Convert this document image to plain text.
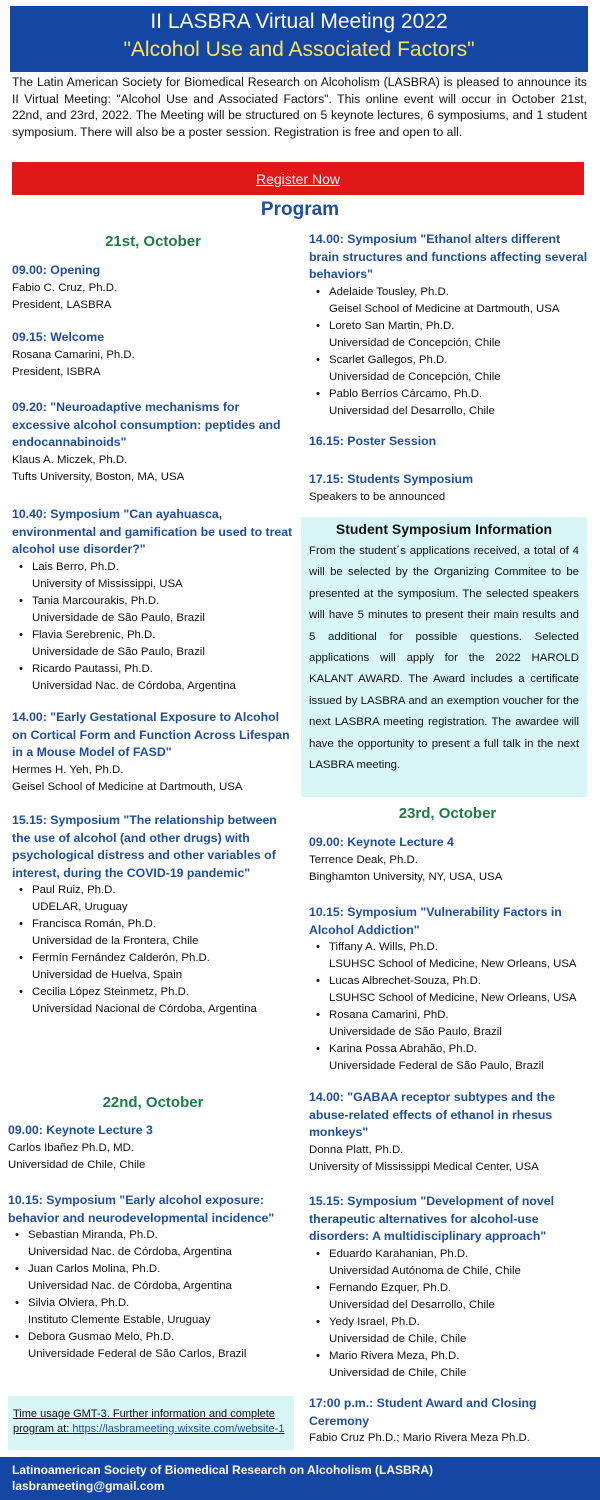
II LASBRA Virtual Meeting 2022
"Alcohol Use and Associated Factors"
The Latin American Society for Biomedical Research on Alcoholism (LASBRA) is pleased to announce its II Virtual Meeting: "Alcohol Use and Associated Factors". This online event will occur in October 21st, 22nd, and 23rd, 2022. The Meeting will be structured on 5 keynote lectures, 6 symposiums, and 1 student symposium. There will also be a poster session. Registration is free and open to all.
Register Now
Program
21st, October
09.00: Opening
Fabio C. Cruz, Ph.D.
President, LASBRA
09.15: Welcome
Rosana Camarini, Ph.D.
President, ISBRA
09.20: "Neuroadaptive mechanisms for excessive alcohol consumption: peptides and endocannabinoids"
Klaus A. Miczek, Ph.D.
Tufts University, Boston, MA, USA
10.40: Symposium "Can ayahuasca, environmental and gamification be used to treat alcohol use disorder?"
• Lais Berro, Ph.D.
University of Mississippi, USA
• Tania Marcourakis, Ph.D.
Universidade de São Paulo, Brazil
• Flavia Serebrenic, Ph.D.
Universidade de São Paulo, Brazil
• Ricardo Pautassi, Ph.D.
Universidad Nac. de Córdoba, Argentina
14.00: "Early Gestational Exposure to Alcohol on Cortical Form and Function Across Lifespan in a Mouse Model of FASD"
Hermes H. Yeh, Ph.D.
Geisel School of Medicine at Dartmouth, USA
15.15: Symposium "The relationship between the use of alcohol (and other drugs) with psychological distress and other variables of interest, during the COVID-19 pandemic"
• Paul Ruiz, Ph.D.
UDELAR, Uruguay
• Francisca Román, Ph.D.
Universidad de la Frontera, Chile
• Fermín Fernández Calderón, Ph.D.
Universidad de Huelva, Spain
• Cecilia López Steinmetz, Ph.D.
Universidad Nacional de Córdoba, Argentina
22nd, October
09.00: Keynote Lecture 3
Carlos Ibañez Ph.D, MD.
Universidad de Chile, Chile
10.15: Symposium "Early alcohol exposure: behavior and neurodevelopmental incidence"
• Sebastian Miranda, Ph.D.
Universidad Nac. de Córdoba, Argentina
• Juan Carlos Molina, Ph.D.
Universidad Nac. de Córdoba, Argentina
• Silvia Olviera, Ph.D.
Instituto Clemente Estable, Uruguay
• Debora Gusmao Melo, Ph.D.
Universidade Federal de São Carlos, Brazil
Time usage GMT-3. Further information and complete program at: https://lasbrameeting.wixsite.com/website-1
14.00: Symposium "Ethanol alters different brain structures and functions affecting several behaviors"
• Adelaide Tousley, Ph.D.
Geisel School of Medicine at Dartmouth, USA
• Loreto San Martin, Ph.D.
Universidad de Concepción, Chile
• Scarlet Gallegos, Ph.D.
Universidad de Concepción, Chile
• Pablo Berríos Cárcamo, Ph.D.
Universidad del Desarrollo, Chile
16.15: Poster Session
17.15: Students Symposium
Speakers to be announced
Student Symposium Information
From the student´s applications received, a total of 4 will be selected by the Organizing Commitee to be presented at the symposium. The selected speakers will have 5 minutes to present their main results and 5 additional for possible questions. Selected applications will apply for the 2022 HAROLD KALANT AWARD. The Award includes a certificate issued by LASBRA and an exemption voucher for the next LASBRA meeting registration. The awardee will have the opportunity to present a full talk in the next LASBRA meeting.
23rd, October
09.00: Keynote Lecture 4
Terrence Deak, Ph.D.
Binghamton University, NY, USA, USA
10.15: Symposium "Vulnerability Factors in Alcohol Addiction"
• Tiffany A. Wills, Ph.D.
LSUHSC School of Medicine, New Orleans, USA
• Lucas Albrechet-Souza, Ph.D.
LSUHSC School of Medicine, New Orleans, USA
• Rosana Camarini, PhD.
Universidade de São Paulo, Brazil
• Karina Possa Abrahão, Ph.D.
Universidade Federal de São Paulo, Brazil
14.00: "GABAA receptor subtypes and the abuse-related effects of ethanol in rhesus monkeys"
Donna Platt, Ph.D.
University of Mississippi Medical Center, USA
15.15: Symposium "Development of novel therapeutic alternatives for alcohol-use disorders: A multidisciplinary approach"
• Eduardo Karahanian, Ph.D.
Universidad Autónoma de Chile, Chile
• Fernando Ezquer, Ph.D.
Universidad del Desarrollo, Chile
• Yedy Israel, Ph.D.
Universidad de Chile, Chile
• Mario Rivera Meza, Ph.D.
Universidad de Chile, Chile
17:00 p.m.: Student Award and Closing Ceremony
Fabio Cruz Ph.D.; Mario Rivera Meza Ph.D.
Latinoamerican Society of Biomedical Research on Alcoholism (LASBRA)
lasbrameeting@gmail.com
